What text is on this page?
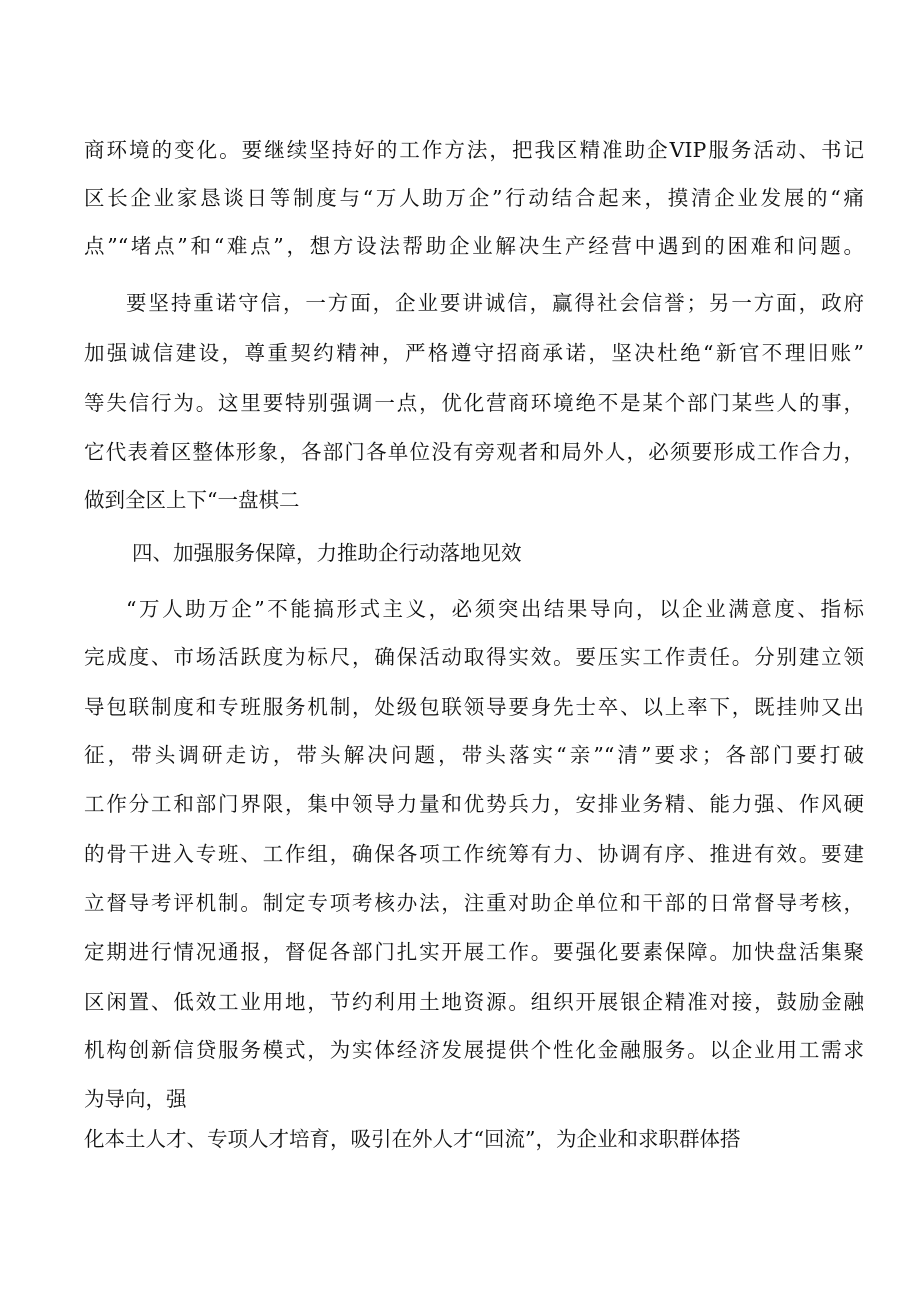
商环境的变化。要继续坚持好的工作方法，把我区精准助企VIP服务活动、书记
区长企业家恳谈日等制度与“万人助万企”行动结合起来，摸清企业发展的“痛
点”“堵点”和“难点”，想方设法帮助企业解决生产经营中遇到的困难和问题。
要坚持重诺守信，一方面，企业要讲诚信，赢得社会信誉；另一方面，政府
加强诚信建设，尊重契约精神，严格遵守招商承诺，坚决杜绝“新官不理旧账”
等失信行为。这里要特别强调一点，优化营商环境绝不是某个部门某些人的事，
它代表着区整体形象，各部门各单位没有旁观者和局外人，必须要形成工作合力，
做到全区上下“一盘棋二
四、加强服务保障，力推助企行动落地见效
“万人助万企”不能搞形式主义，必须突出结果导向，以企业满意度、指标
完成度、市场活跃度为标尺，确保活动取得实效。要压实工作责任。分别建立领
导包联制度和专班服务机制，处级包联领导要身先士卒、以上率下，既挂帅又出
征，带头调研走访，带头解决问题，带头落实“亲”“清”要求；各部门要打破
工作分工和部门界限，集中领导力量和优势兵力，安排业务精、能力强、作风硬
的骨干进入专班、工作组，确保各项工作统筹有力、协调有序、推进有效。要建
立督导考评机制。制定专项考核办法，注重对助企单位和干部的日常督导考核，
定期进行情况通报，督促各部门扎实开展工作。要强化要素保障。加快盘活集聚
区闲置、低效工业用地，节约利用土地资源。组织开展银企精准对接，鼓励金融
机构创新信贷服务模式，为实体经济发展提供个性化金融服务。以企业用工需求
为导向，强
化本土人才、专项人才培育，吸引在外人才“回流”，为企业和求职群体搭
